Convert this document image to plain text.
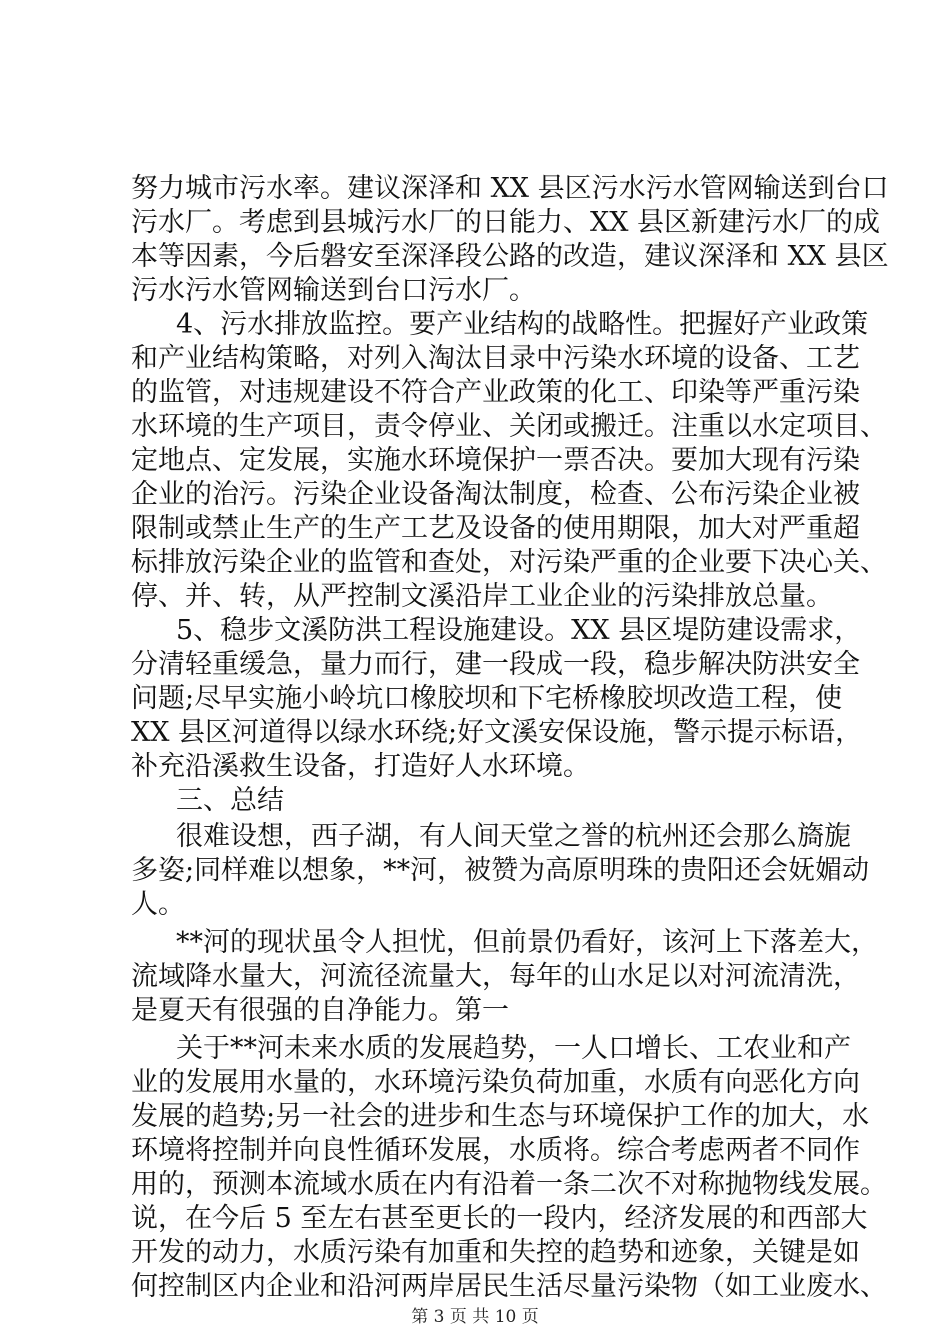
努力城市污水率。建议深泽和 XX 县区污水污水管网输送到台口
污水厂。考虑到县城污水厂的日能力、XX 县区新建污水厂的成
本等因素，今后磐安至深泽段公路的改造，建议深泽和 XX 县区
污水污水管网输送到台口污水厂。
4、污水排放监控。要产业结构的战略性。把握好产业政策
和产业结构策略，对列入淘汰目录中污染水环境的设备、工艺
的监管，对违规建设不符合产业政策的化工、印染等严重污染
水环境的生产项目，责令停业、关闭或搬迁。注重以水定项目、
定地点、定发展，实施水环境保护一票否决。要加大现有污染
企业的治污。污染企业设备淘汰制度，检查、公布污染企业被
限制或禁止生产的生产工艺及设备的使用期限，加大对严重超
标排放污染企业的监管和查处，对污染严重的企业要下决心关、
停、并、转，从严控制文溪沿岸工业企业的污染排放总量。
5、稳步文溪防洪工程设施建设。XX 县区堤防建设需求，
分清轻重缓急，量力而行，建一段成一段，稳步解决防洪安全
问题;尽早实施小岭坑口橡胶坝和下宅桥橡胶坝改造工程，使
XX 县区河道得以绿水环绕;好文溪安保设施，警示提示标语，
补充沿溪救生设备，打造好人水环境。
三、总结
很难设想，西子湖，有人间天堂之誉的杭州还会那么旖旎
多姿;同样难以想象，**河，被赞为高原明珠的贵阳还会妩媚动
人。
**河的现状虽令人担忧，但前景仍看好，该河上下落差大，
流域降水量大，河流径流量大，每年的山水足以对河流清洗，
是夏天有很强的自净能力。第一
关于**河未来水质的发展趋势，一人口增长、工农业和产
业的发展用水量的，水环境污染负荷加重，水质有向恶化方向
发展的趋势;另一社会的进步和生态与环境保护工作的加大，水
环境将控制并向良性循环发展，水质将。综合考虑两者不同作
用的，预测本流域水质在内有沿着一条二次不对称抛物线发展。
说，在今后 5 至左右甚至更长的一段内，经济发展的和西部大
开发的动力，水质污染有加重和失控的趋势和迹象，关键是如
何控制区内企业和沿河两岸居民生活尽量污染物（如工业废水、
第 3 页 共 10 页
